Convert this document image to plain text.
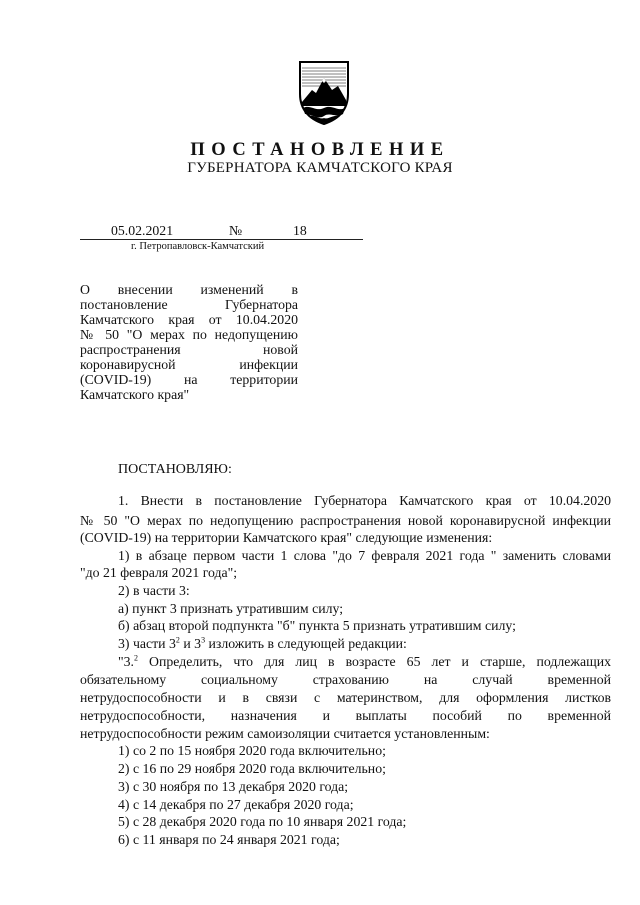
ПОСТАНОВЛЕНИЕ
ГУБЕРНАТОРА КАМЧАТСКОГО КРАЯ
05.02.2021	№	18
г. Петропавловск-Камчатский
О внесении изменений в
постановление Губернатора
Камчатского края от 10.04.2020
№ 50 "О мерах по недопущению
распространения новой
коронавирусной инфекции
(COVID-19) на территории
Камчатского края"
ПОСТАНОВЛЯЮ:
1. Внести в постановление Губернатора Камчатского края от 10.04.2020
№ 50 "О мерах по недопущению распространения новой коронавирусной инфекции
(COVID-19) на территории Камчатского края" следующие изменения:
1) в абзаце первом части 1 слова "до 7 февраля 2021 года " заменить словами
"до 21 февраля 2021 года";
2) в части 3:
а) пункт 3 признать утратившим силу;
б) абзац второй подпункта "б" пункта 5 признать утратившим силу;
3) части $3^2$ и $3^3$ изложить в следующей редакции:
"3.$^2$ Определить, что для лиц в возрасте 65 лет и старше, подлежащих
обязательному социальному страхованию на случай временной
нетрудоспособности и в связи с материнством, для оформления листков
нетрудоспособности, назначения и выплаты пособий по временной
нетрудоспособности режим самоизоляции считается установленным:
1) со 2 по 15 ноября 2020 года включительно;
2) с 16 по 29 ноября 2020 года включительно;
3) с 30 ноября по 13 декабря 2020 года;
4) с 14 декабря по 27 декабря 2020 года;
5) с 28 декабря 2020 года по 10 января 2021 года;
6) с 11 января по 24 января 2021 года;
